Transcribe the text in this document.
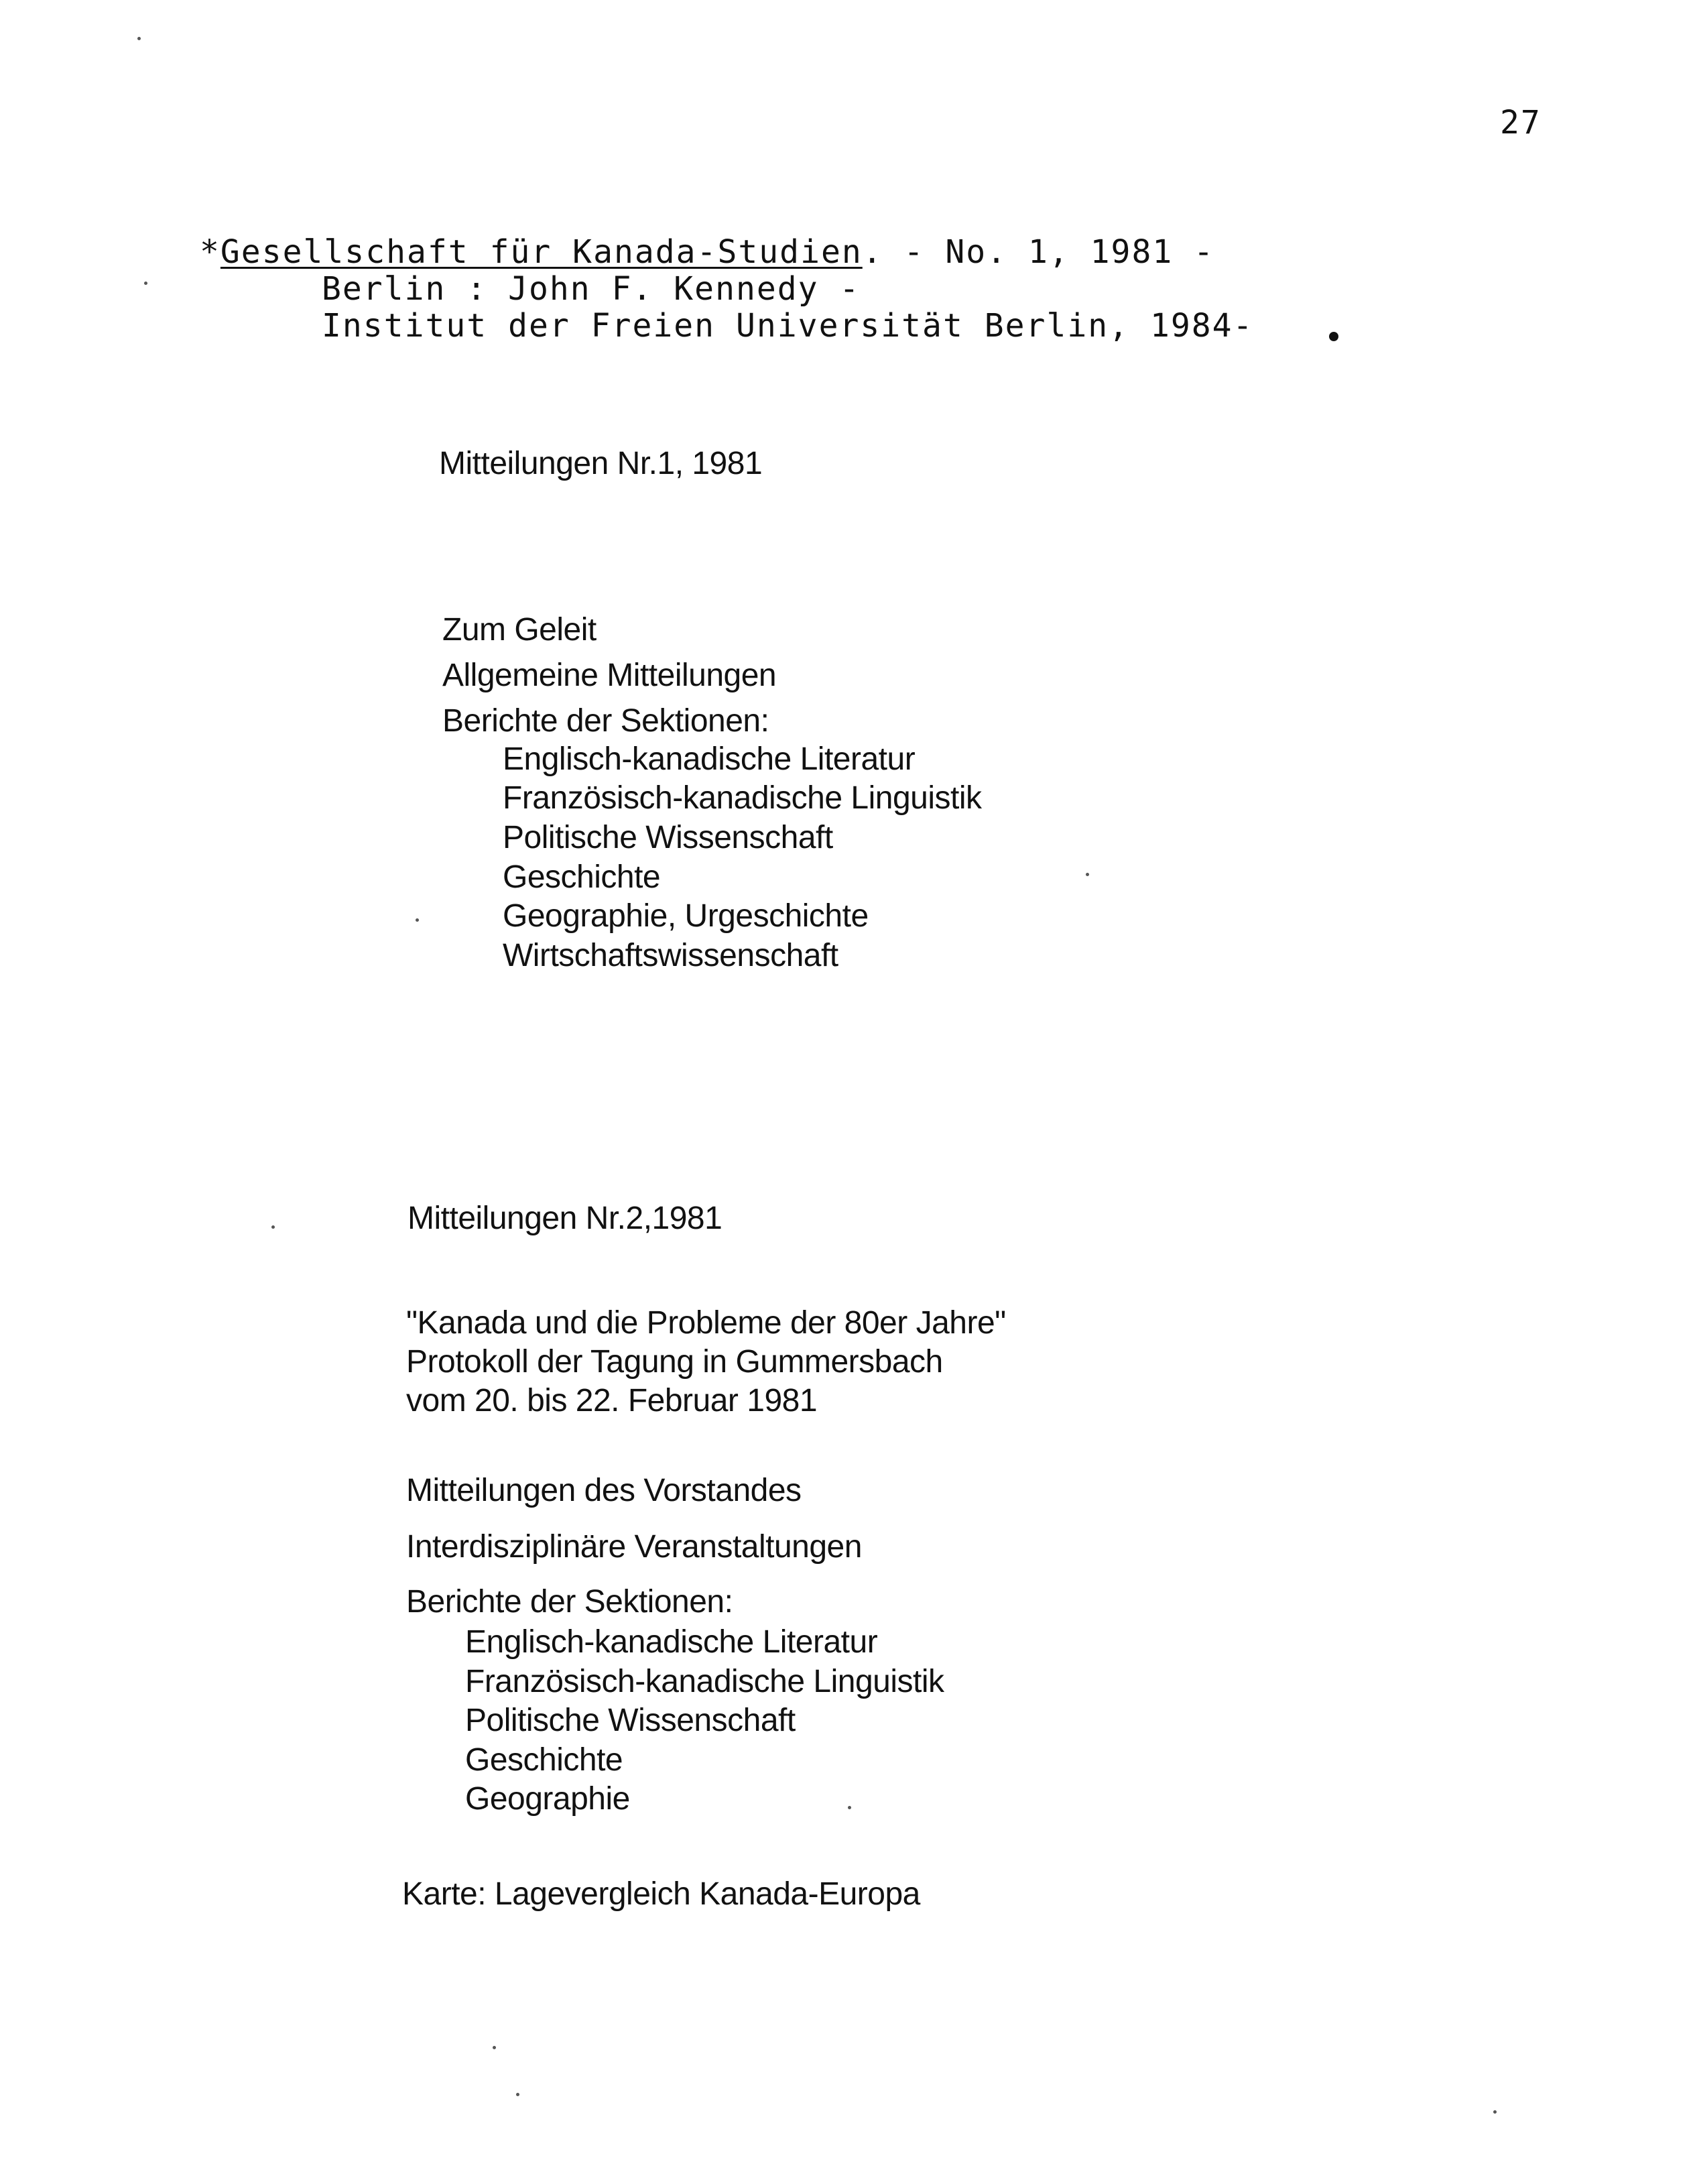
27
*Gesellschaft für Kanada-Studien. - No. 1, 1981 -
Berlin : John F. Kennedy -
Institut der Freien Universität Berlin, 1984-
Mitteilungen Nr.1, 1981
Zum Geleit
Allgemeine Mitteilungen
Berichte der Sektionen:
Englisch-kanadische Literatur
Französisch-kanadische Linguistik
Politische Wissenschaft
Geschichte
Geographie, Urgeschichte
Wirtschaftswissenschaft
Mitteilungen Nr.2,1981
"Kanada und die Probleme der 80er Jahre"
Protokoll der Tagung in Gummersbach
vom 20. bis 22. Februar 1981
Mitteilungen des Vorstandes
Interdisziplinäre Veranstaltungen
Berichte der Sektionen:
Englisch-kanadische Literatur
Französisch-kanadische Linguistik
Politische Wissenschaft
Geschichte
Geographie
Karte: Lagevergleich Kanada-Europa
